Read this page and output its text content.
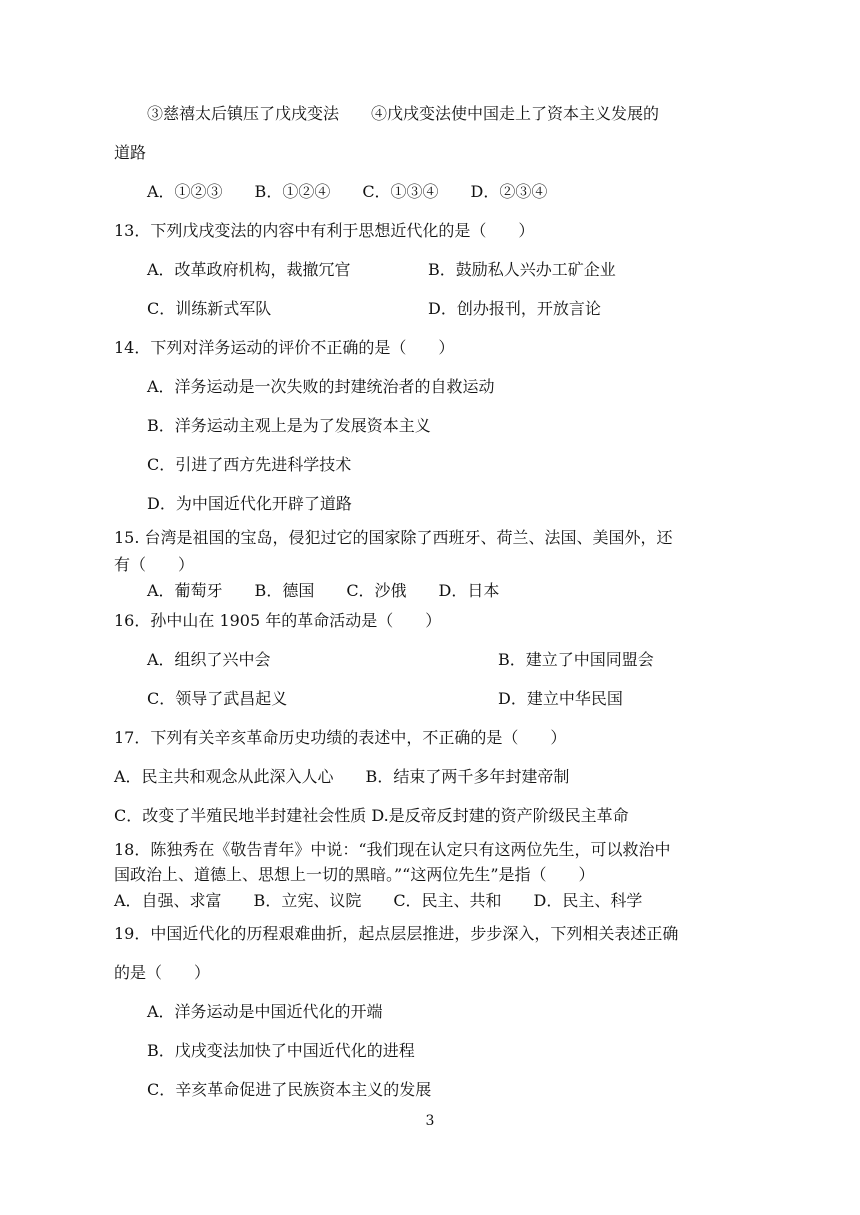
③慈禧太后镇压了戊戌变法　　④戊戌变法使中国走上了资本主义发展的
道路
A．①②③　　B．①②④　　C．①③④　　D．②③④
13．下列戊戌变法的内容中有利于思想近代化的是（　　）
A．改革政府机构，裁撤冗官	B．鼓励私人兴办工矿企业
C．训练新式军队	D．创办报刊，开放言论
14．下列对洋务运动的评价不正确的是（　　）
A．洋务运动是一次失败的封建统治者的自救运动
B．洋务运动主观上是为了发展资本主义
C．引进了西方先进科学技术
D．为中国近代化开辟了道路
15. 台湾是祖国的宝岛，侵犯过它的国家除了西班牙、荷兰、法国、美国外，还
有（　　）
A．葡萄牙　　B．德国　　C．沙俄　　D．日本
16．孙中山在 1905 年的革命活动是（　　）
A．组织了兴中会	B．建立了中国同盟会
C．领导了武昌起义	D．建立中华民国
17．下列有关辛亥革命历史功绩的表述中，不正确的是（　　）
A．民主共和观念从此深入人心　　B．结束了两千多年封建帝制
C．改变了半殖民地半封建社会性质 D.是反帝反封建的资产阶级民主革命
18．陈独秀在《敬告青年》中说：“我们现在认定只有这两位先生，可以救治中
国政治上、道德上、思想上一切的黑暗。”“这两位先生”是指（　　）
A．自强、求富　　B．立宪、议院　　C．民主、共和　　D．民主、科学
19．中国近代化的历程艰难曲折，起点层层推进，步步深入，下列相关表述正确
的是（　　）
A．洋务运动是中国近代化的开端
B．戊戌变法加快了中国近代化的进程
C．辛亥革命促进了民族资本主义的发展
3
